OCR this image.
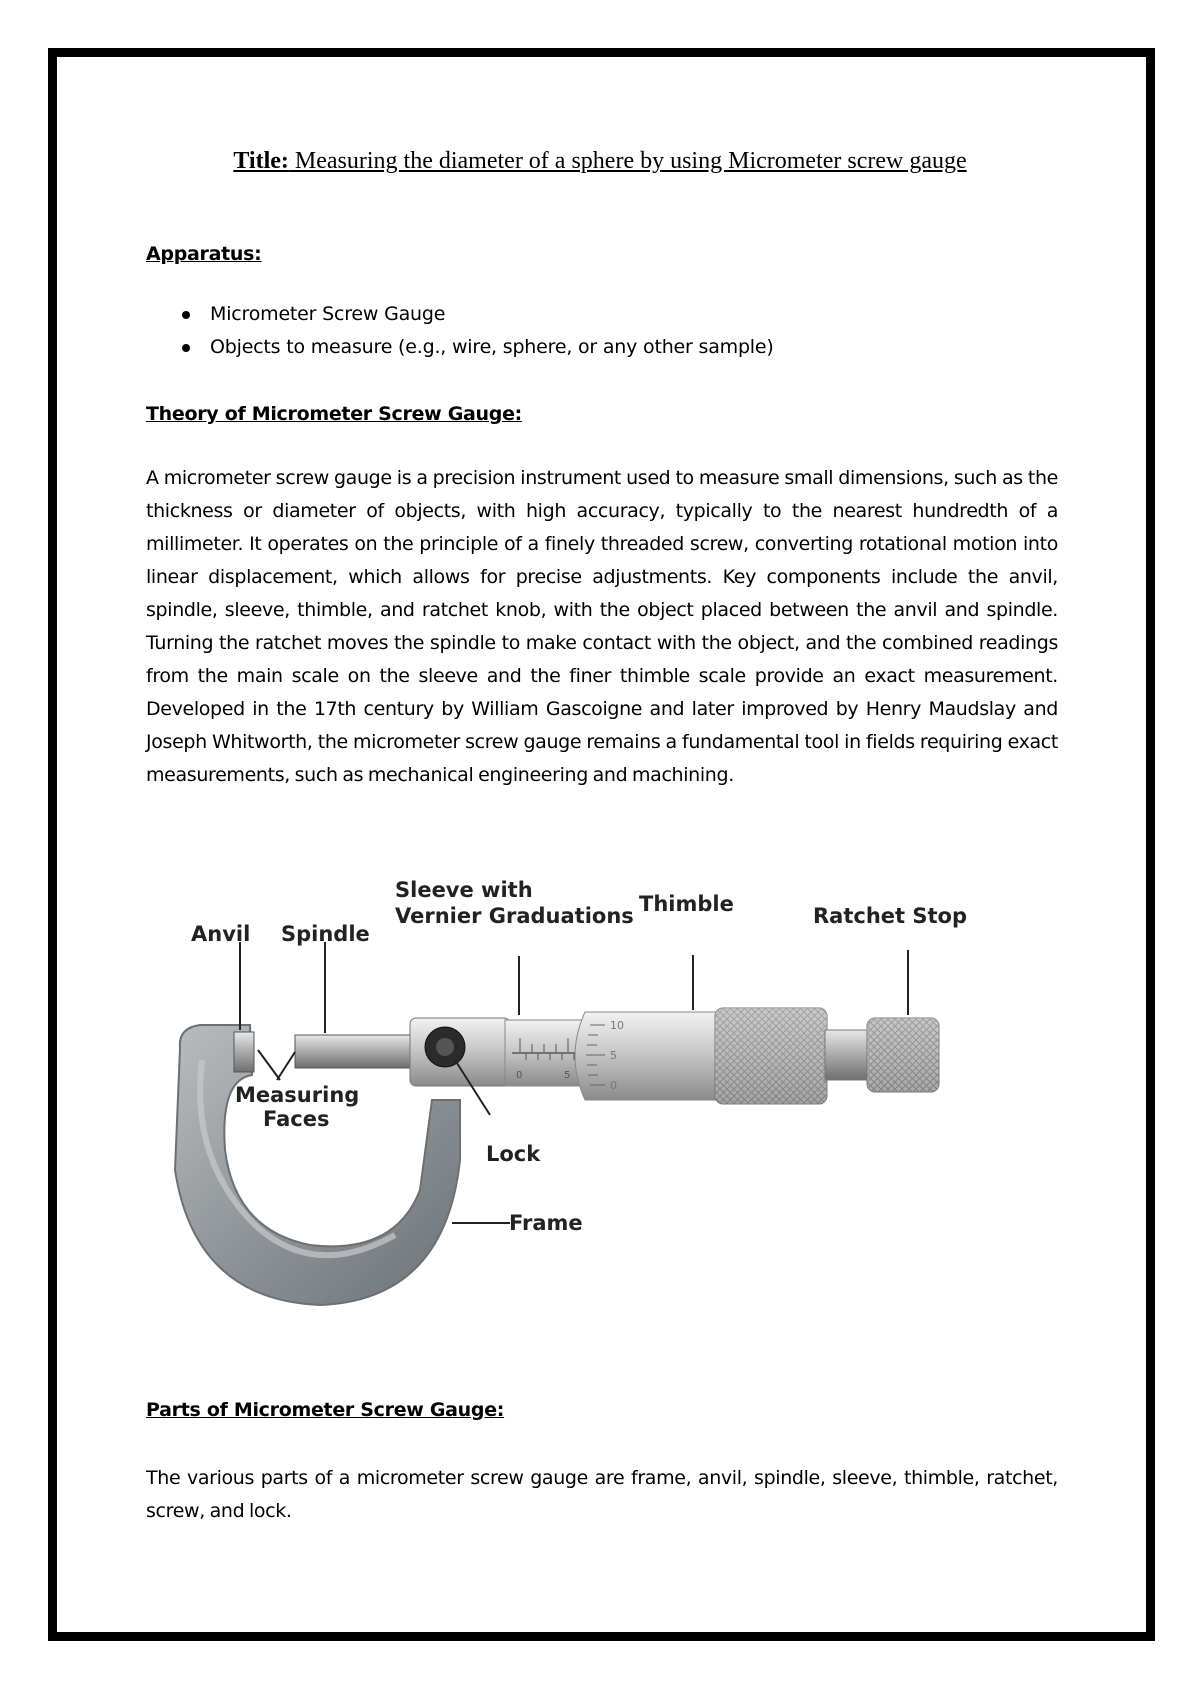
Title: Measuring the diameter of a sphere by using Micrometer screw gauge
Apparatus:
Micrometer Screw Gauge
Objects to measure (e.g., wire, sphere, or any other sample)
Theory of Micrometer Screw Gauge:

A micrometer screw gauge is a precision instrument used to measure small dimensions, such as the thickness or diameter of objects, with high accuracy, typically to the nearest hundredth of a millimeter. It operates on the principle of a finely threaded screw, converting rotational motion into linear displacement, which allows for precise adjustments. Key components include the anvil, spindle, sleeve, thimble, and ratchet knob, with the object placed between the anvil and spindle. Turning the ratchet moves the spindle to make contact with the object, and the combined readings from the main scale on the sleeve and the finer thimble scale provide an exact measurement. Developed in the 17th century by William Gascoigne and later improved by Henry Maudslay and Joseph Whitworth, the micrometer screw gauge remains a fundamental tool in fields requiring exact measurements, such as mechanical engineering and machining.

0	5
10
5
0
Anvil Spindle
Sleeve with
Vernier Graduations Thimble	Ratchet Stop
Measuring
Faces
Lock
Frame
Parts of Micrometer Screw Gauge:

The various parts of a micrometer screw gauge are frame, anvil, spindle, sleeve, thimble, ratchet, screw, and lock.
